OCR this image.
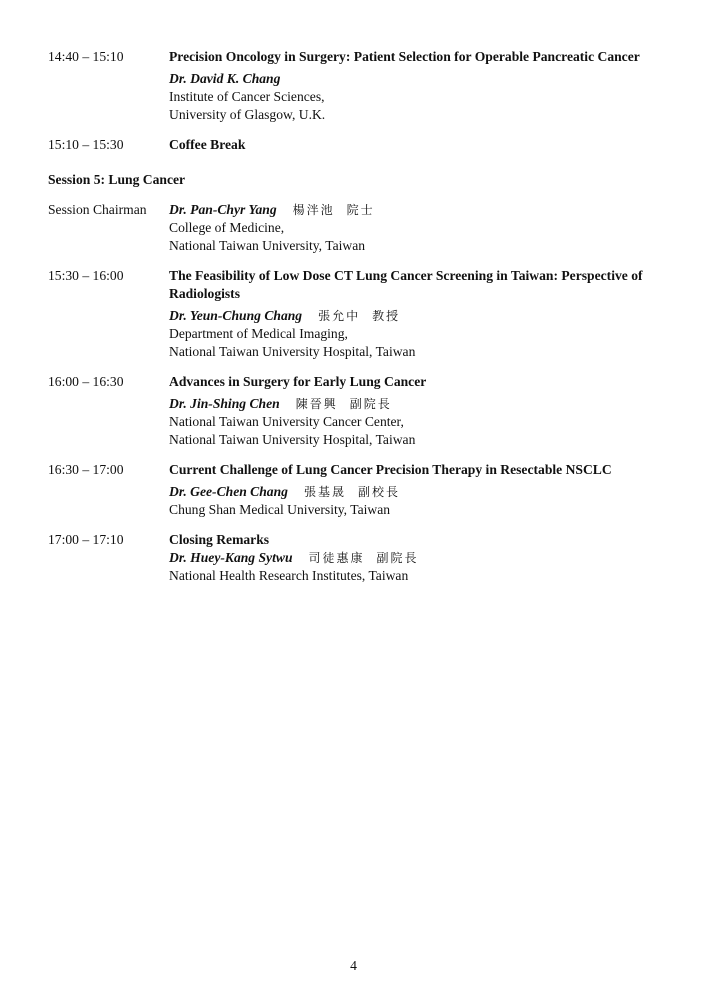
14:40 – 15:10	Precision Oncology in Surgery: Patient Selection for Operable Pancreatic Cancer
Dr. David K. Chang
Institute of Cancer Sciences,
University of Glasgow, U.K.
15:10 – 15:30	Coffee Break
Session 5: Lung Cancer
Session Chairman	Dr. Pan-Chyr Yang 楊泮池 院士
College of Medicine,
National Taiwan University, Taiwan
15:30 – 16:00	The Feasibility of Low Dose CT Lung Cancer Screening in Taiwan: Perspective of Radiologists
Dr. Yeun-Chung Chang 張允中 教授
Department of Medical Imaging,
National Taiwan University Hospital, Taiwan
16:00 – 16:30	Advances in Surgery for Early Lung Cancer
Dr. Jin-Shing Chen 陳晉興 副院長
National Taiwan University Cancer Center,
National Taiwan University Hospital, Taiwan
16:30 – 17:00	Current Challenge of Lung Cancer Precision Therapy in Resectable NSCLC
Dr. Gee-Chen Chang 張基晟 副校長
Chung Shan Medical University, Taiwan
17:00 – 17:10	Closing Remarks
Dr. Huey-Kang Sytwu 司徒惠康 副院長
National Health Research Institutes, Taiwan
4
